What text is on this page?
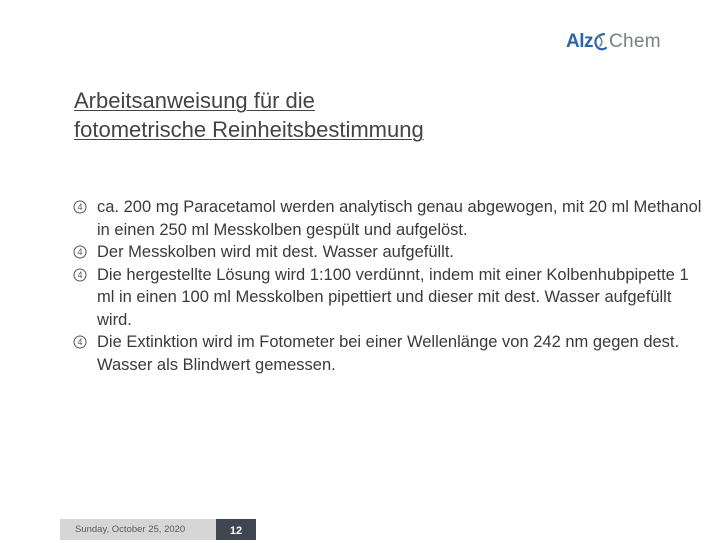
Alz Chem
Arbeitsanweisung für die
fotometrische Reinheitsbestimmung
4 ca. 200 mg Paracetamol werden analytisch genau abgewogen, mit 20 ml Methanol in einen 250 ml Messkolben gespült und aufgelöst.
4 Der Messkolben wird mit dest. Wasser aufgefüllt.
4 Die hergestellte Lösung wird 1:100 verdünnt, indem mit einer Kolbenhubpipette 1 ml in einen 100 ml Messkolben pipettiert und dieser mit dest. Wasser aufgefüllt wird.
4 Die Extinktion wird im Fotometer bei einer Wellenlänge von 242 nm gegen dest. Wasser als Blindwert gemessen.
Sunday, October 25, 2020	12
